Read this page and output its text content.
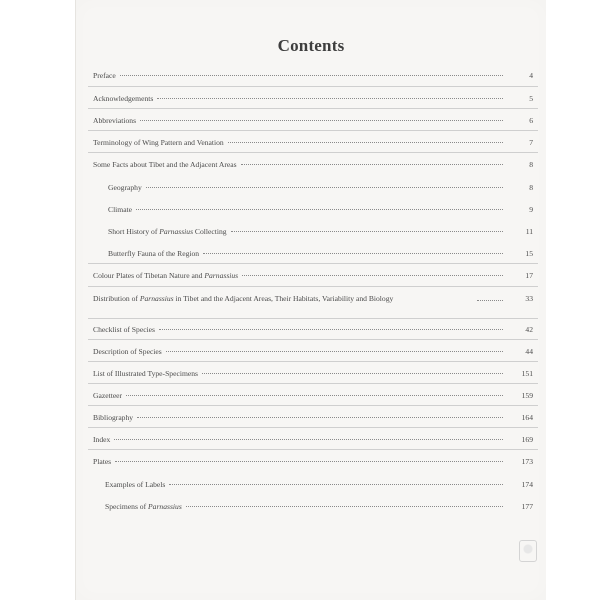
Contents
Preface	4
Acknowledgements	5
Abbreviations	6
Terminology of Wing Pattern and Venation	7
Some Facts about Tibet and the Adjacent Areas	8
Geography	8
Climate	9
Short History of Parnassius Collecting	11
Butterfly Fauna of the Region	15
Colour Plates of Tibetan Nature and Parnassius	17
Distribution of Parnassius in Tibet and the Adjacent Areas, Their Habitats, Variability and Biology	33
Checklist of Species	42
Description of Species	44
List of Illustrated Type-Specimens	151
Gazetteer	159
Bibliography	164
Index	169
Plates	173
Examples of Labels	174
Specimens of Parnassius	177
